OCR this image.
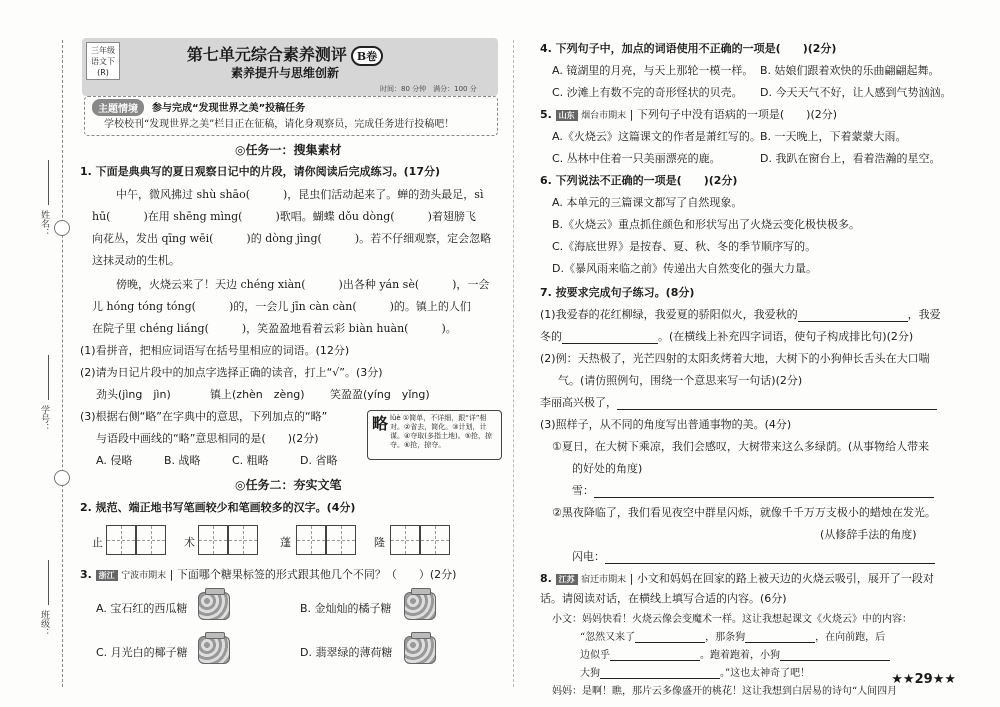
姓名：
学号：
班级：
三年级
语文下
(R)
第七单元综合素养测评 B卷
素养提升与思维创新
时间：80 分钟　满分：100 分
主题情境	参与完成“发现世界之美”投稿任务
学校校刊“发现世界之美”栏目正在征稿，请化身观察员，完成任务进行投稿吧！
◎任务一：搜集素材
1. 下面是典典写的夏日观察日记中的片段，请你阅读后完成练习。(17分)
中午，微风拂过 shù shāo(　　　)，昆虫们活动起来了。蝉的劲头最足，sì
hū(　　　)在用 shēng mìng(　　　)歌唱。蝴蝶 dǒu dòng(　　　)着翅膀飞
向花丛，发出 qīng wēi(　　　)的 dòng jìng(　　　)。若不仔细观察，定会忽略
这抹灵动的生机。
傍晚，火烧云来了！天边 chéng xiàn(　　　)出各种 yán sè(　　　)，一会
儿 hóng tóng tóng(　　　)的，一会儿 jīn càn càn(　　　)的。镇上的人们
在院子里 chéng liáng(　　　)，笑盈盈地看着云彩 biàn huàn(　　　)。
(1)看拼音，把相应词语写在括号里相应的词语。(12分)
(2)请为日记片段中的加点字选择正确的读音，打上“√”。(3分)
劲头(jìng　jìn)	镇上(zhèn　zèng) 笑盈盈(yíng　yǐng)
(3)根据右侧“略”在字典中的意思，下列加点的“略”
与语段中画线的“略”意思相同的是(　　)(2分)
A. 侵略	B. 战略	C. 粗略	D. 省略
略 lüè ①简单，不详细，跟“详”相对。②省去，简化。③计划，计谋。④夺取(多指土地)。⑤抢，掠夺。⑥抢，掠夺。
◎任务二：夯实文笔
2. 规范、端正地书写笔画较少和笔画较多的汉字。(4分)
止	术	蓬	隆
3. 浙江 宁波市期末 | 下面哪个糖果标签的形式跟其他几个不同？（　　）(2分)
A. 宝石红的西瓜糖	B. 金灿灿的橘子糖
C. 月光白的椰子糖	D. 翡翠绿的薄荷糖
4. 下列句子中，加点的词语使用不正确的一项是(　　)(2分)
A. 镜湖里的月亮，与天上那轮一模一样。 B. 姑娘们跟着欢快的乐曲翩翩起舞。
C. 沙滩上有数不完的奇形怪状的贝壳。 D. 今天天气不好，让人感到气势汹汹。
5. 山东 烟台市期末 | 下列句子中没有语病的一项是(　　)(2分)
A.《火烧云》这篇课文的作者是萧红写的。 B. 一天晚上，下着蒙蒙大雨。
C. 丛林中住着一只美丽漂亮的鹿。	D. 我趴在窗台上，看着浩瀚的星空。
6. 下列说法不正确的一项是(　　)(2分)
A. 本单元的三篇课文都写了自然现象。
B.《火烧云》重点抓住颜色和形状写出了火烧云变化极快极多。
C.《海底世界》是按春、夏、秋、冬的季节顺序写的。
D.《暴风雨来临之前》传递出大自然变化的强大力量。
7. 按要求完成句子练习。(8分)
(1)我爱春的花红柳绿，我爱夏的骄阳似火，我爱秋的	，我爱
冬的	。(在横线上补充四字词语，使句子构成排比句)(2分)
(2)例：天热极了，光芒四射的太阳炙烤着大地，大树下的小狗伸长舌头在大口喘
气。(请仿照例句，围绕一个意思来写一句话)(2分)
李丽高兴极了，
(3)照样子，从不同的角度写出普通事物的美。(4分)
①夏日，在大树下乘凉，我们会感叹，大树带来这么多绿荫。(从事物给人带来
的好处的角度)
雪：
②黑夜降临了，我们看见夜空中群星闪烁，就像千千万万支极小的蜡烛在发光。
(从修辞手法的角度)
闪电：
8. 江苏 宿迁市期末 | 小文和妈妈在回家的路上被天边的火烧云吸引，展开了一段对
话。请阅读对话，在横线上填写合适的内容。(6分)
小文：妈妈快看！火烧云像会变魔术一样。这让我想起课文《火烧云》中的内容：
“忽然又来了	，那条狗	，在向前跑，后
边似乎	。跑着跑着，小狗
大狗	。”这也太神奇了吧！
妈妈：是啊！瞧，那片云多像盛开的桃花！这让我想到白居易的诗句“人间四月
★★29★★
